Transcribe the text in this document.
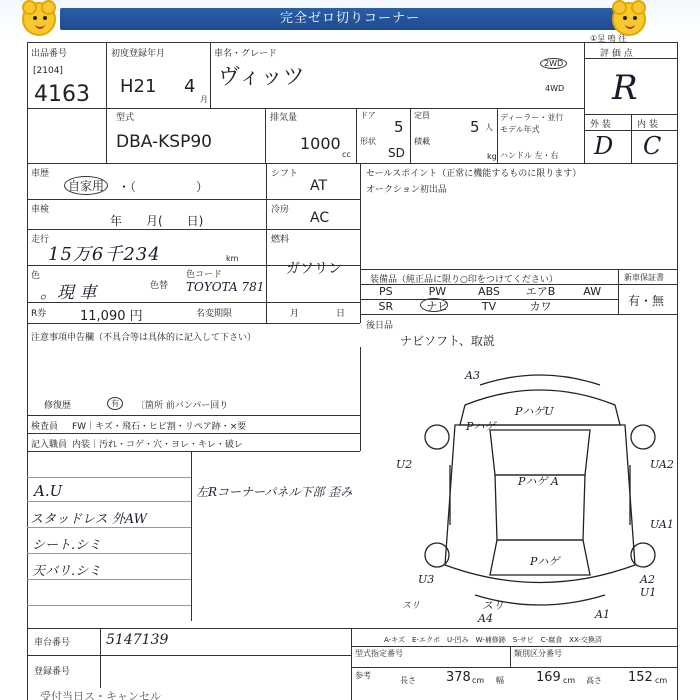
完全ゼロ切りコーナー
出品番号
[2104]
4163
初度登録年月
H21 4
月
車名・グレード
ヴィッツ
2WD
4WD
評 価 点
①呈 嗚 往
R
型式
DBA-KSP90
排気量
1000
cc
ドア
5
形状
SD
定員
5 人
積載
kg
ディーラー・並行
モデル年式
ハンドル 左・右
外 装	内 装
D C
車歴
自家用	・（　　　　　）
シフト
AT
車検
年　　月(　　日)
冷房 AC
走行
15万6千234	km
燃料
ガソリン
色
。現 車	色替
色コード
TOYOTA 781
R券	11,090 円	名変期限	月	日
セールスポイント（正常に機能するものに限ります）
オークション初出品
装備品（純正品に限り○印をつけてください）	新車保証書
有・無
PS	PW	ABS	エアB	AW
SR	ナビ	TV	カワ
後日品
ナビソフト、取説
注意事項申告欄（不具合等は具体的に記入して下さい）
修復歴	有	〔箇所 前バンパー回り
検査員 FW｜キズ・飛石・ヒビ割・リペア跡・×要
記入職員 内装｜汚れ・コゲ・穴・ヨレ・キレ・破レ
A.U
スタッドレス 外AW
シート.シミ
天バリ.シミ
左Rコーナーパネル下部 歪み
A3
PハゲU
Pハゲ
U2	UA2
Pハゲ A
UA1
Pハゲ
U3	A2
U1
スリ
A4	A1
スリ
車台番号	5147139
登録番号
A-キズ　E-エクボ　U-凹み　W-補修跡　S-サビ　C-腐食　XX-交換済
型式指定番号	類別区分番号
参考
長さ 378 cm 幅 169 cm 高さ 152 cm
受付当日ス・キャンセル
